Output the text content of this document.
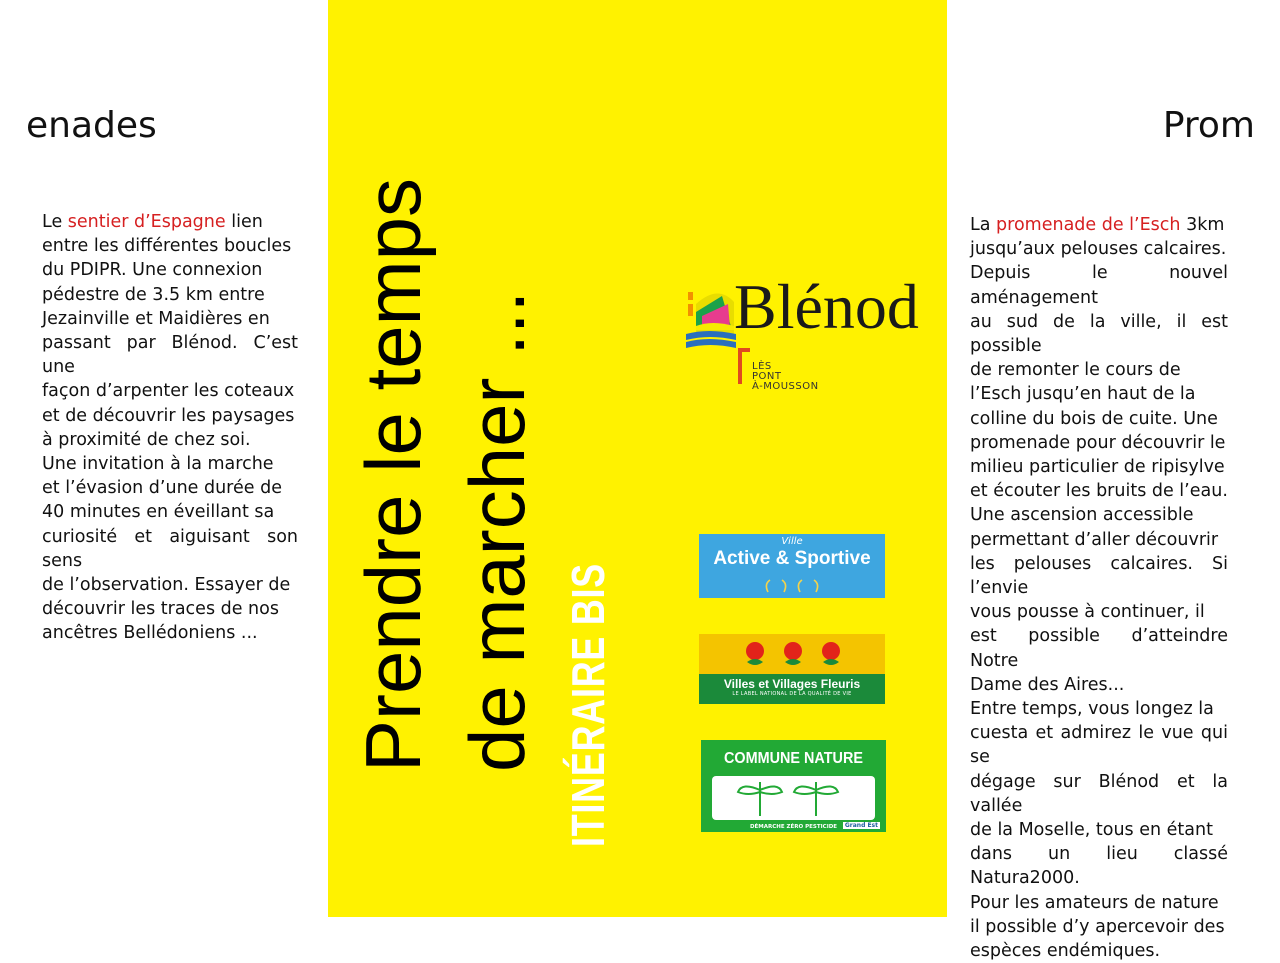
enades

Le sentier d’Espagne lien
entre les différentes boucles
du PDIPR. Une connexion
pédestre de 3.5 km entre
Jezainville et Maidières en
passant par Blénod. C’est une
façon d’arpenter les coteaux
et de découvrir les paysages
à proximité de chez soi.
Une invitation à la marche
et l’évasion d’une durée de
40 minutes en éveillant sa
curiosité et aiguisant son sens
de l’observation. Essayer de
découvrir les traces de nos
ancêtres Bellédoniens ...	Prendre le temps de marcher ... ITINÉRAIRE BIS
Blénod
LÈS
PONT
À-MOUSSON
Ville
Active & Sportive
Villes et Villages Fleuris
LE LABEL NATIONAL DE LA QUALITÉ DE VIE
COMMUNE NATURE
DÉMARCHE ZÉRO PESTICIDE	Grand Est
Prom

La promenade de l’Esch 3km
jusqu’aux pelouses calcaires.
Depuis le nouvel aménagement
au sud de la ville, il est possible
de remonter le cours de
l’Esch jusqu’en haut de la
colline du bois de cuite. Une
promenade pour découvrir le
milieu particulier de ripisylve
et écouter les bruits de l’eau.
Une ascension accessible
permettant d’aller découvrir
les pelouses calcaires. Si l’envie
vous pousse à continuer, il
est possible d’atteindre Notre
Dame des Aires...
Entre temps, vous longez la
cuesta et admirez le vue qui se
dégage sur Blénod et la vallée
de la Moselle, tous en étant
dans un lieu classé Natura2000.
Pour les amateurs de nature
il possible d’y apercevoir des
espèces endémiques.
